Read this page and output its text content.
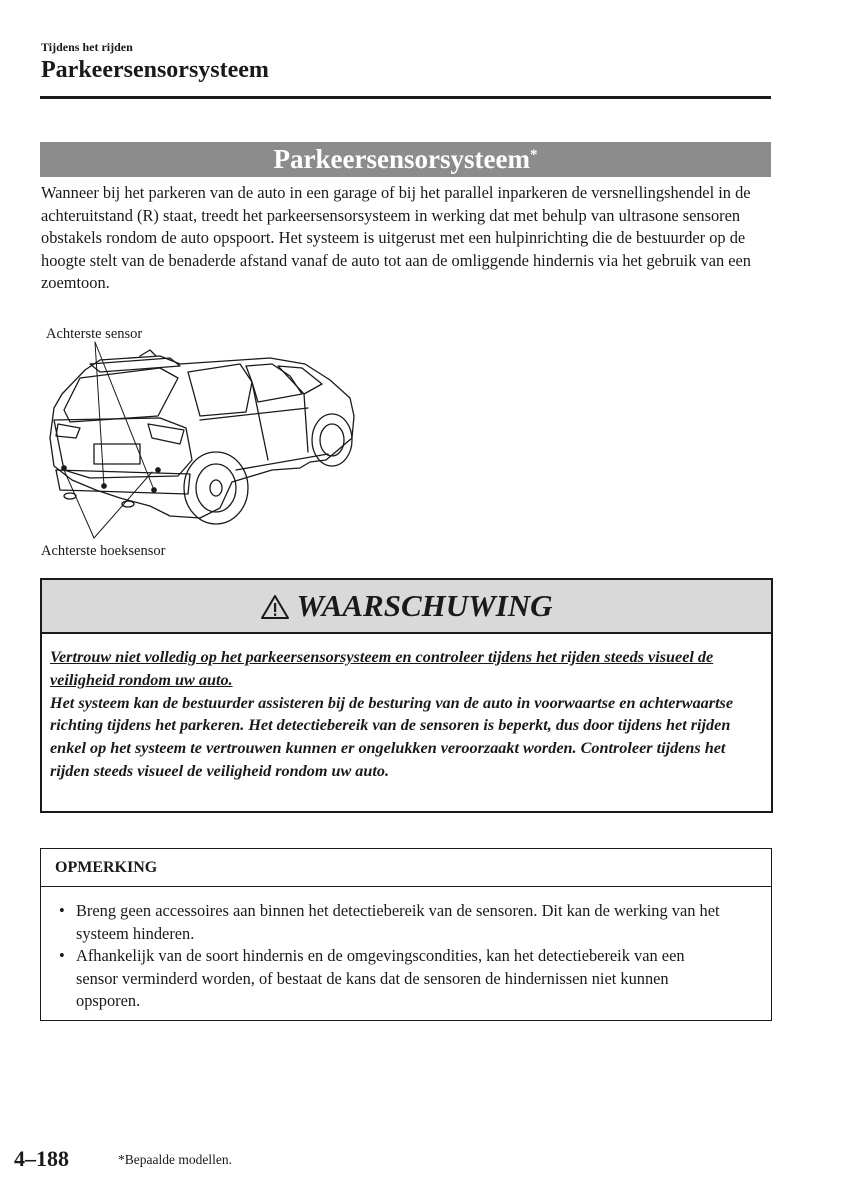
Tijdens het rijden
Parkeersensorsysteem
Parkeersensorsysteem*
Wanneer bij het parkeren van de auto in een garage of bij het parallel inparkeren de versnellingshendel in de achteruitstand (R) staat, treedt het parkeersensorsysteem in werking dat met behulp van ultrasone sensoren obstakels rondom de auto opspoort. Het systeem is uitgerust met een hulpinrichting die de bestuurder op de hoogte stelt van de benaderde afstand vanaf de auto tot aan de omliggende hindernis via het gebruik van een zoemtoon.
Achterste sensor
Achterste hoeksensor
WAARSCHUWING
Vertrouw niet volledig op het parkeersensorsysteem en controleer tijdens het rijden steeds visueel de veiligheid rondom uw auto.
Het systeem kan de bestuurder assisteren bij de besturing van de auto in voorwaartse en achterwaartse richting tijdens het parkeren. Het detectiebereik van de sensoren is beperkt, dus door tijdens het rijden enkel op het systeem te vertrouwen kunnen er ongelukken veroorzaakt worden. Controleer tijdens het rijden steeds visueel de veiligheid rondom uw auto.
OPMERKING
• Breng geen accessoires aan binnen het detectiebereik van de sensoren. Dit kan de werking van het systeem hinderen.
• Afhankelijk van de soort hindernis en de omgevingscondities, kan het detectiebereik van een sensor verminderd worden, of bestaat de kans dat de sensoren de hindernissen niet kunnen opsporen.
4–188	*Bepaalde modellen.
